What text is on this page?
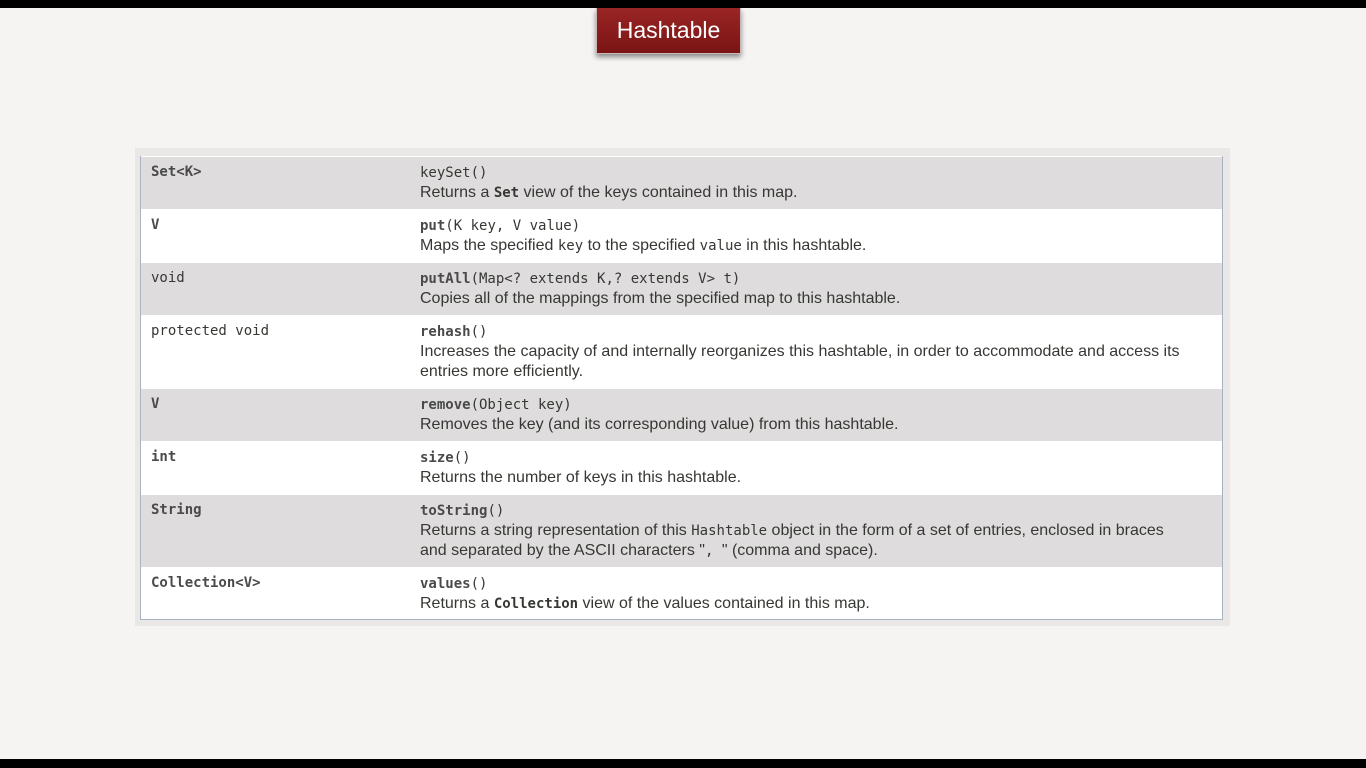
Hashtable
Set<K>	keySet()
Returns a Set view of the keys contained in this map.
V	put(K key, V value)
Maps the specified key to the specified value in this hashtable.
void	putAll(Map<? extends K,? extends V> t)
Copies all of the mappings from the specified map to this hashtable.
protected void	rehash()
Increases the capacity of and internally reorganizes this hashtable, in order to accommodate and access its entries more efficiently.
V	remove(Object key)
Removes the key (and its corresponding value) from this hashtable.
int	size()
Returns the number of keys in this hashtable.
String	toString()
Returns a string representation of this Hashtable object in the form of a set of entries, enclosed in braces and separated by the ASCII characters ", " (comma and space).
Collection<V>	values()
Returns a Collection view of the values contained in this map.
